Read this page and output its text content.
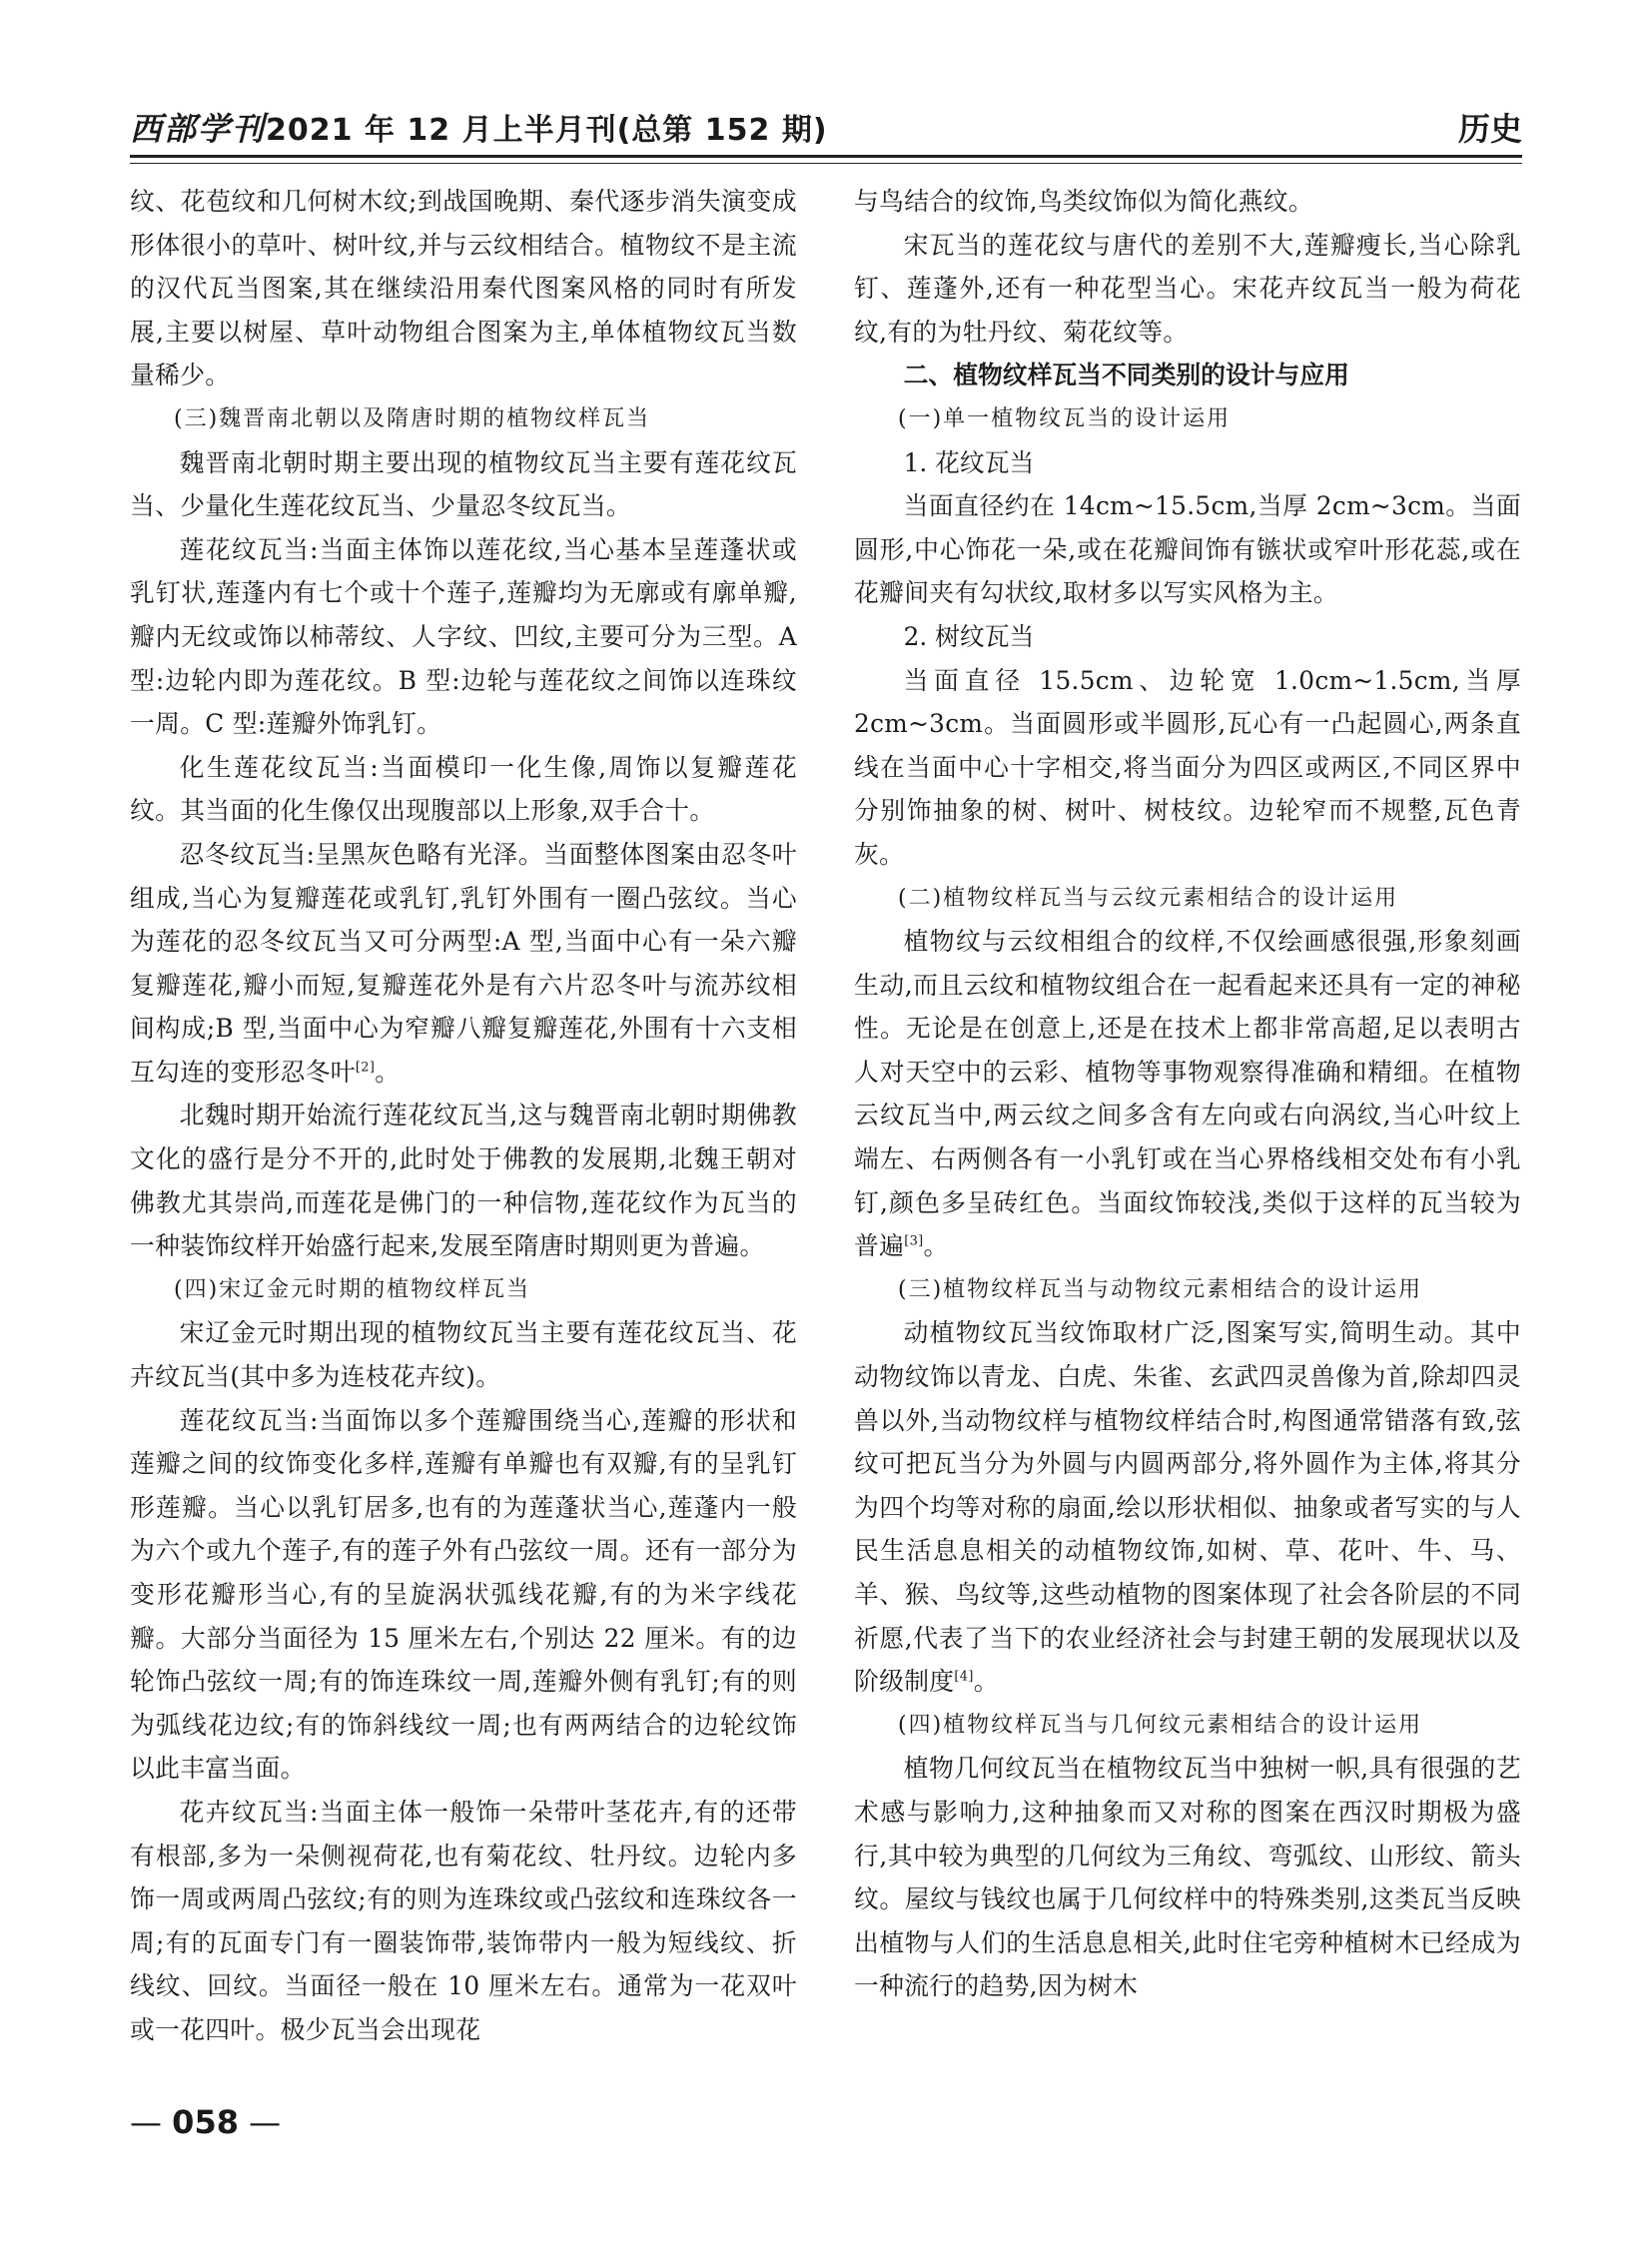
西部学刊2021 年 12 月上半月刊(总第 152 期)	历史

纹、花苞纹和几何树木纹;到战国晚期、秦代逐步消失演变成形体很小的草叶、树叶纹,并与云纹相结合。植物纹不是主流的汉代瓦当图案,其在继续沿用秦代图案风格的同时有所发展,主要以树屋、草叶动物组合图案为主,单体植物纹瓦当数量稀少。

(三)魏晋南北朝以及隋唐时期的植物纹样瓦当

魏晋南北朝时期主要出现的植物纹瓦当主要有莲花纹瓦当、少量化生莲花纹瓦当、少量忍冬纹瓦当。

莲花纹瓦当:当面主体饰以莲花纹,当心基本呈莲蓬状或乳钉状,莲蓬内有七个或十个莲子,莲瓣均为无廓或有廓单瓣,瓣内无纹或饰以柿蒂纹、人字纹、凹纹,主要可分为三型。A 型:边轮内即为莲花纹。B 型:边轮与莲花纹之间饰以连珠纹一周。C 型:莲瓣外饰乳钉。

化生莲花纹瓦当:当面模印一化生像,周饰以复瓣莲花纹。其当面的化生像仅出现腹部以上形象,双手合十。

忍冬纹瓦当:呈黑灰色略有光泽。当面整体图案由忍冬叶组成,当心为复瓣莲花或乳钉,乳钉外围有一圈凸弦纹。当心为莲花的忍冬纹瓦当又可分两型:A 型,当面中心有一朵六瓣复瓣莲花,瓣小而短,复瓣莲花外是有六片忍冬叶与流苏纹相间构成;B 型,当面中心为窄瓣八瓣复瓣莲花,外围有十六支相互勾连的变形忍冬叶[2]。

北魏时期开始流行莲花纹瓦当,这与魏晋南北朝时期佛教文化的盛行是分不开的,此时处于佛教的发展期,北魏王朝对佛教尤其崇尚,而莲花是佛门的一种信物,莲花纹作为瓦当的一种装饰纹样开始盛行起来,发展至隋唐时期则更为普遍。

(四)宋辽金元时期的植物纹样瓦当

宋辽金元时期出现的植物纹瓦当主要有莲花纹瓦当、花卉纹瓦当(其中多为连枝花卉纹)。

莲花纹瓦当:当面饰以多个莲瓣围绕当心,莲瓣的形状和莲瓣之间的纹饰变化多样,莲瓣有单瓣也有双瓣,有的呈乳钉形莲瓣。当心以乳钉居多,也有的为莲蓬状当心,莲蓬内一般为六个或九个莲子,有的莲子外有凸弦纹一周。还有一部分为变形花瓣形当心,有的呈旋涡状弧线花瓣,有的为米字线花瓣。大部分当面径为 15 厘米左右,个别达 22 厘米。有的边轮饰凸弦纹一周;有的饰连珠纹一周,莲瓣外侧有乳钉;有的则为弧线花边纹;有的饰斜线纹一周;也有两两结合的边轮纹饰以此丰富当面。

花卉纹瓦当:当面主体一般饰一朵带叶茎花卉,有的还带有根部,多为一朵侧视荷花,也有菊花纹、牡丹纹。边轮内多饰一周或两周凸弦纹;有的则为连珠纹或凸弦纹和连珠纹各一周;有的瓦面专门有一圈装饰带,装饰带内一般为短线纹、折线纹、回纹。当面径一般在 10 厘米左右。通常为一花双叶或一花四叶。极少瓦当会出现花

与鸟结合的纹饰,鸟类纹饰似为简化燕纹。

宋瓦当的莲花纹与唐代的差别不大,莲瓣瘦长,当心除乳钉、莲蓬外,还有一种花型当心。宋花卉纹瓦当一般为荷花纹,有的为牡丹纹、菊花纹等。

二、植物纹样瓦当不同类别的设计与应用

(一)单一植物纹瓦当的设计运用

1. 花纹瓦当

当面直径约在 14cm~15.5cm,当厚 2cm~3cm。当面圆形,中心饰花一朵,或在花瓣间饰有镞状或窄叶形花蕊,或在花瓣间夹有勾状纹,取材多以写实风格为主。

2. 树纹瓦当

当面直径 15.5cm、边轮宽 1.0cm~1.5cm,当厚 2cm~3cm。当面圆形或半圆形,瓦心有一凸起圆心,两条直线在当面中心十字相交,将当面分为四区或两区,不同区界中分别饰抽象的树、树叶、树枝纹。边轮窄而不规整,瓦色青灰。

(二)植物纹样瓦当与云纹元素相结合的设计运用

植物纹与云纹相组合的纹样,不仅绘画感很强,形象刻画生动,而且云纹和植物纹组合在一起看起来还具有一定的神秘性。无论是在创意上,还是在技术上都非常高超,足以表明古人对天空中的云彩、植物等事物观察得准确和精细。在植物云纹瓦当中,两云纹之间多含有左向或右向涡纹,当心叶纹上端左、右两侧各有一小乳钉或在当心界格线相交处布有小乳钉,颜色多呈砖红色。当面纹饰较浅,类似于这样的瓦当较为普遍[3]。

(三)植物纹样瓦当与动物纹元素相结合的设计运用

动植物纹瓦当纹饰取材广泛,图案写实,简明生动。其中动物纹饰以青龙、白虎、朱雀、玄武四灵兽像为首,除却四灵兽以外,当动物纹样与植物纹样结合时,构图通常错落有致,弦纹可把瓦当分为外圆与内圆两部分,将外圆作为主体,将其分为四个均等对称的扇面,绘以形状相似、抽象或者写实的与人民生活息息相关的动植物纹饰,如树、草、花叶、牛、马、羊、猴、鸟纹等,这些动植物的图案体现了社会各阶层的不同祈愿,代表了当下的农业经济社会与封建王朝的发展现状以及阶级制度[4]。

(四)植物纹样瓦当与几何纹元素相结合的设计运用

植物几何纹瓦当在植物纹瓦当中独树一帜,具有很强的艺术感与影响力,这种抽象而又对称的图案在西汉时期极为盛行,其中较为典型的几何纹为三角纹、弯弧纹、山形纹、箭头纹。屋纹与钱纹也属于几何纹样中的特殊类别,这类瓦当反映出植物与人们的生活息息相关,此时住宅旁种植树木已经成为一种流行的趋势,因为树木

— 058 —
